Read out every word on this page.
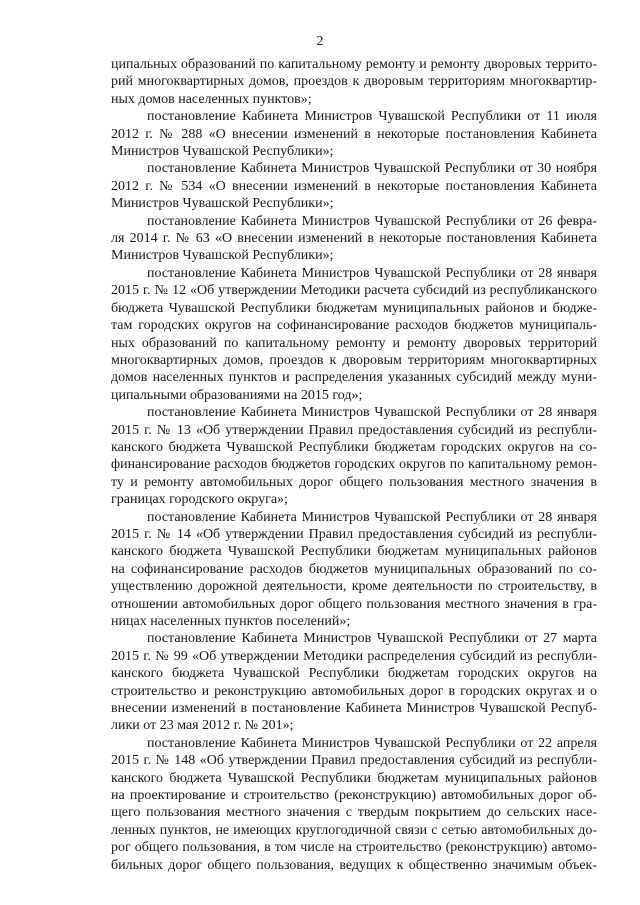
2
ципальных образований по капитальному ремонту и ремонту дворовых террито-
рий многоквартирных домов, проездов к дворовым территориям многоквартир-
ных домов населенных пунктов»;
постановление Кабинета Министров Чувашской Республики от 11 июля
2012 г. № 288 «О внесении изменений в некоторые постановления Кабинета
Министров Чувашской Республики»;
постановление Кабинета Министров Чувашской Республики от 30 ноября
2012 г. № 534 «О внесении изменений в некоторые постановления Кабинета
Министров Чувашской Республики»;
постановление Кабинета Министров Чувашской Республики от 26 февра-
ля 2014 г. № 63 «О внесении изменений в некоторые постановления Кабинета
Министров Чувашской Республики»;
постановление Кабинета Министров Чувашской Республики от 28 января
2015 г. № 12 «Об утверждении Методики расчета субсидий из республиканского
бюджета Чувашской Республики бюджетам муниципальных районов и бюдже-
там городских округов на софинансирование расходов бюджетов муниципаль-
ных образований по капитальному ремонту и ремонту дворовых территорий
многоквартирных домов, проездов к дворовым территориям многоквартирных
домов населенных пунктов и распределения указанных субсидий между муни-
ципальными образованиями на 2015 год»;
постановление Кабинета Министров Чувашской Республики от 28 января
2015 г. № 13 «Об утверждении Правил предоставления субсидий из республи-
канского бюджета Чувашской Республики бюджетам городских округов на со-
финансирование расходов бюджетов городских округов по капитальному ремон-
ту и ремонту автомобильных дорог общего пользования местного значения в
границах городского округа»;
постановление Кабинета Министров Чувашской Республики от 28 января
2015 г. № 14 «Об утверждении Правил предоставления субсидий из республи-
канского бюджета Чувашской Республики бюджетам муниципальных районов
на софинансирование расходов бюджетов муниципальных образований по со-
уществлению дорожной деятельности, кроме деятельности по строительству, в
отношении автомобильных дорог общего пользования местного значения в гра-
ницах населенных пунктов поселений»;
постановление Кабинета Министров Чувашской Республики от 27 марта
2015 г. № 99 «Об утверждении Методики распределения субсидий из республи-
канского бюджета Чувашской Республики бюджетам городских округов на
строительство и реконструкцию автомобильных дорог в городских округах и о
внесении изменений в постановление Кабинета Министров Чувашской Респуб-
лики от 23 мая 2012 г. № 201»;
постановление Кабинета Министров Чувашской Республики от 22 апреля
2015 г. № 148 «Об утверждении Правил предоставления субсидий из республи-
канского бюджета Чувашской Республики бюджетам муниципальных районов
на проектирование и строительство (реконструкцию) автомобильных дорог об-
щего пользования местного значения с твердым покрытием до сельских насе-
ленных пунктов, не имеющих круглогодичной связи с сетью автомобильных до-
рог общего пользования, в том числе на строительство (реконструкцию) автомо-
бильных дорог общего пользования, ведущих к общественно значимым объек-
